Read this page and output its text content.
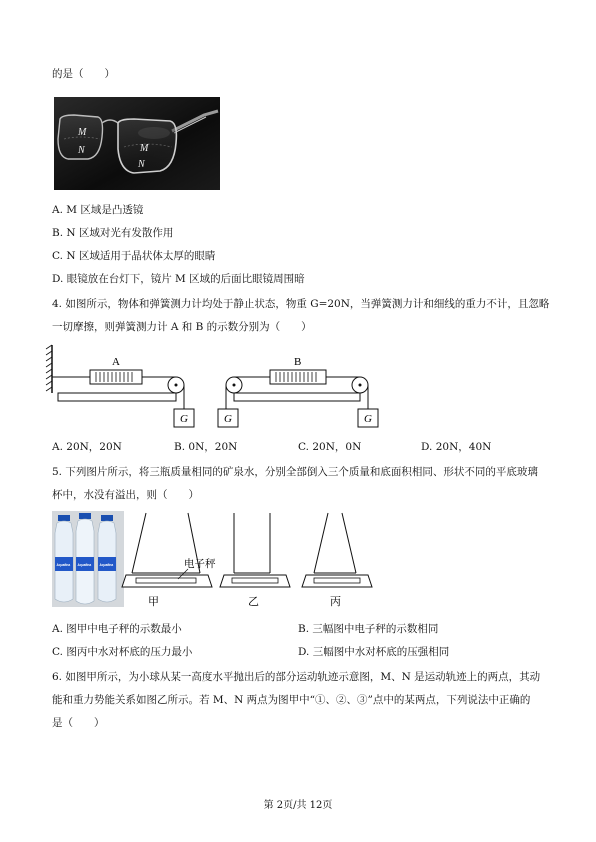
的是（　　）
M
N	M
N
A. M 区域是凸透镜
B. N 区域对光有发散作用
C. N 区域适用于晶状体太厚的眼睛
D. 眼镜放在台灯下，镜片 M 区域的后面比眼镜周围暗
4. 如图所示，物体和弹簧测力计均处于静止状态，物重 G=20N，当弹簧测力计和细线的重力不计，且忽略
一切摩擦，则弹簧测力计 A 和 B 的示数分别为（　　）
A
G	G
B
G
A. 20N，20N	B. 0N，20N	C. 20N，0N	D. 20N，40N
5. 下列图片所示，将三瓶质量相同的矿泉水，分别全部倒入三个质量和底面积相同、形状不同的平底玻璃
杯中，水没有溢出，则（　　）
Aquafina Aquafina	Aquafina
甲
电子秤
乙	丙
A. 图甲中电子秤的示数最小	B. 三幅图中电子秤的示数相同
C. 图丙中水对杯底的压力最小	D. 三幅图中水对杯底的压强相同
6. 如图甲所示，为小球从某一高度水平抛出后的部分运动轨迹示意图，M、N 是运动轨迹上的两点，其动
能和重力势能关系如图乙所示。若 M、N 两点为图甲中“①、②、③”点中的某两点，下列说法中正确的
是（　　）
第 2页/共 12页
